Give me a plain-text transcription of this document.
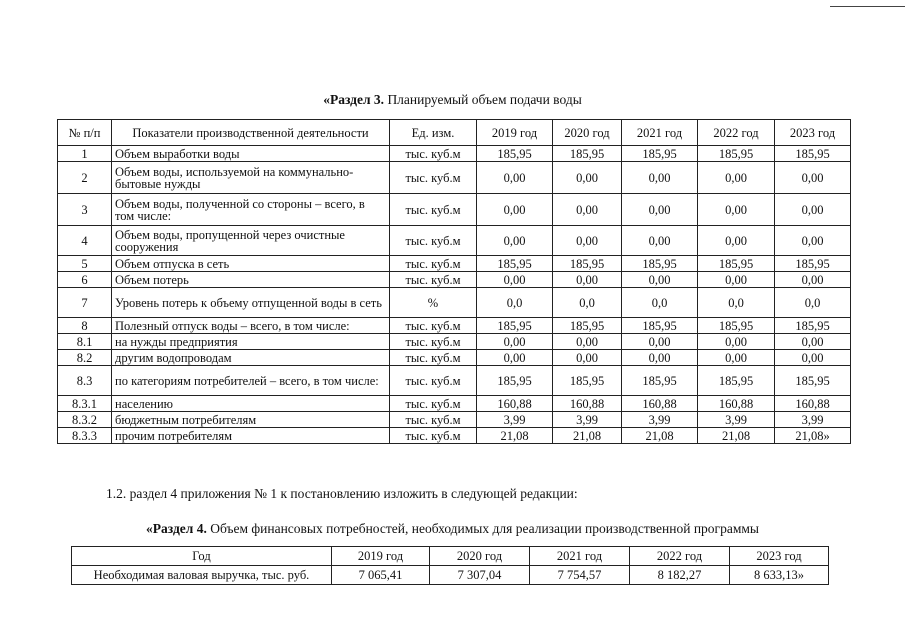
«Раздел 3. Планируемый объем подачи воды
№ п/п	Показатели производственной деятельности	Ед. изм.	2019 год	2020 год	2021 год	2022 год	2023 год
1	Объем выработки воды	тыс. куб.м	185,95	185,95	185,95	185,95	185,95
2	Объем воды, используемой на коммунально-бытовые нужды	тыс. куб.м	0,00	0,00	0,00	0,00	0,00
3	Объем воды, полученной со стороны – всего, в том числе:	тыс. куб.м	0,00	0,00	0,00	0,00	0,00
4	Объем воды, пропущенной через очистные сооружения	тыс. куб.м	0,00	0,00	0,00	0,00	0,00
5	Объем отпуска в сеть	тыс. куб.м	185,95	185,95	185,95	185,95	185,95
6	Объем потерь	тыс. куб.м	0,00	0,00	0,00	0,00	0,00
7	Уровень потерь к объему отпущенной воды в сеть	%	0,0	0,0	0,0	0,0	0,0
8	Полезный отпуск воды – всего, в том числе:	тыс. куб.м	185,95	185,95	185,95	185,95	185,95
8.1	на нужды предприятия	тыс. куб.м	0,00	0,00	0,00	0,00	0,00
8.2	другим водопроводам	тыс. куб.м	0,00	0,00	0,00	0,00	0,00
8.3	по категориям потребителей – всего, в том числе:	тыс. куб.м	185,95	185,95	185,95	185,95	185,95
8.3.1	населению	тыс. куб.м	160,88	160,88	160,88	160,88	160,88
8.3.2	бюджетным потребителям	тыс. куб.м	3,99	3,99	3,99	3,99	3,99
8.3.3	прочим потребителям	тыс. куб.м	21,08	21,08	21,08	21,08	21,08»
1.2. раздел 4 приложения № 1 к постановлению изложить в следующей редакции:
«Раздел 4. Объем финансовых потребностей, необходимых для реализации производственной программы
Год	2019 год	2020 год	2021 год	2022 год	2023 год
Необходимая валовая выручка, тыс. руб.	7 065,41	7 307,04	7 754,57	8 182,27	8 633,13»
